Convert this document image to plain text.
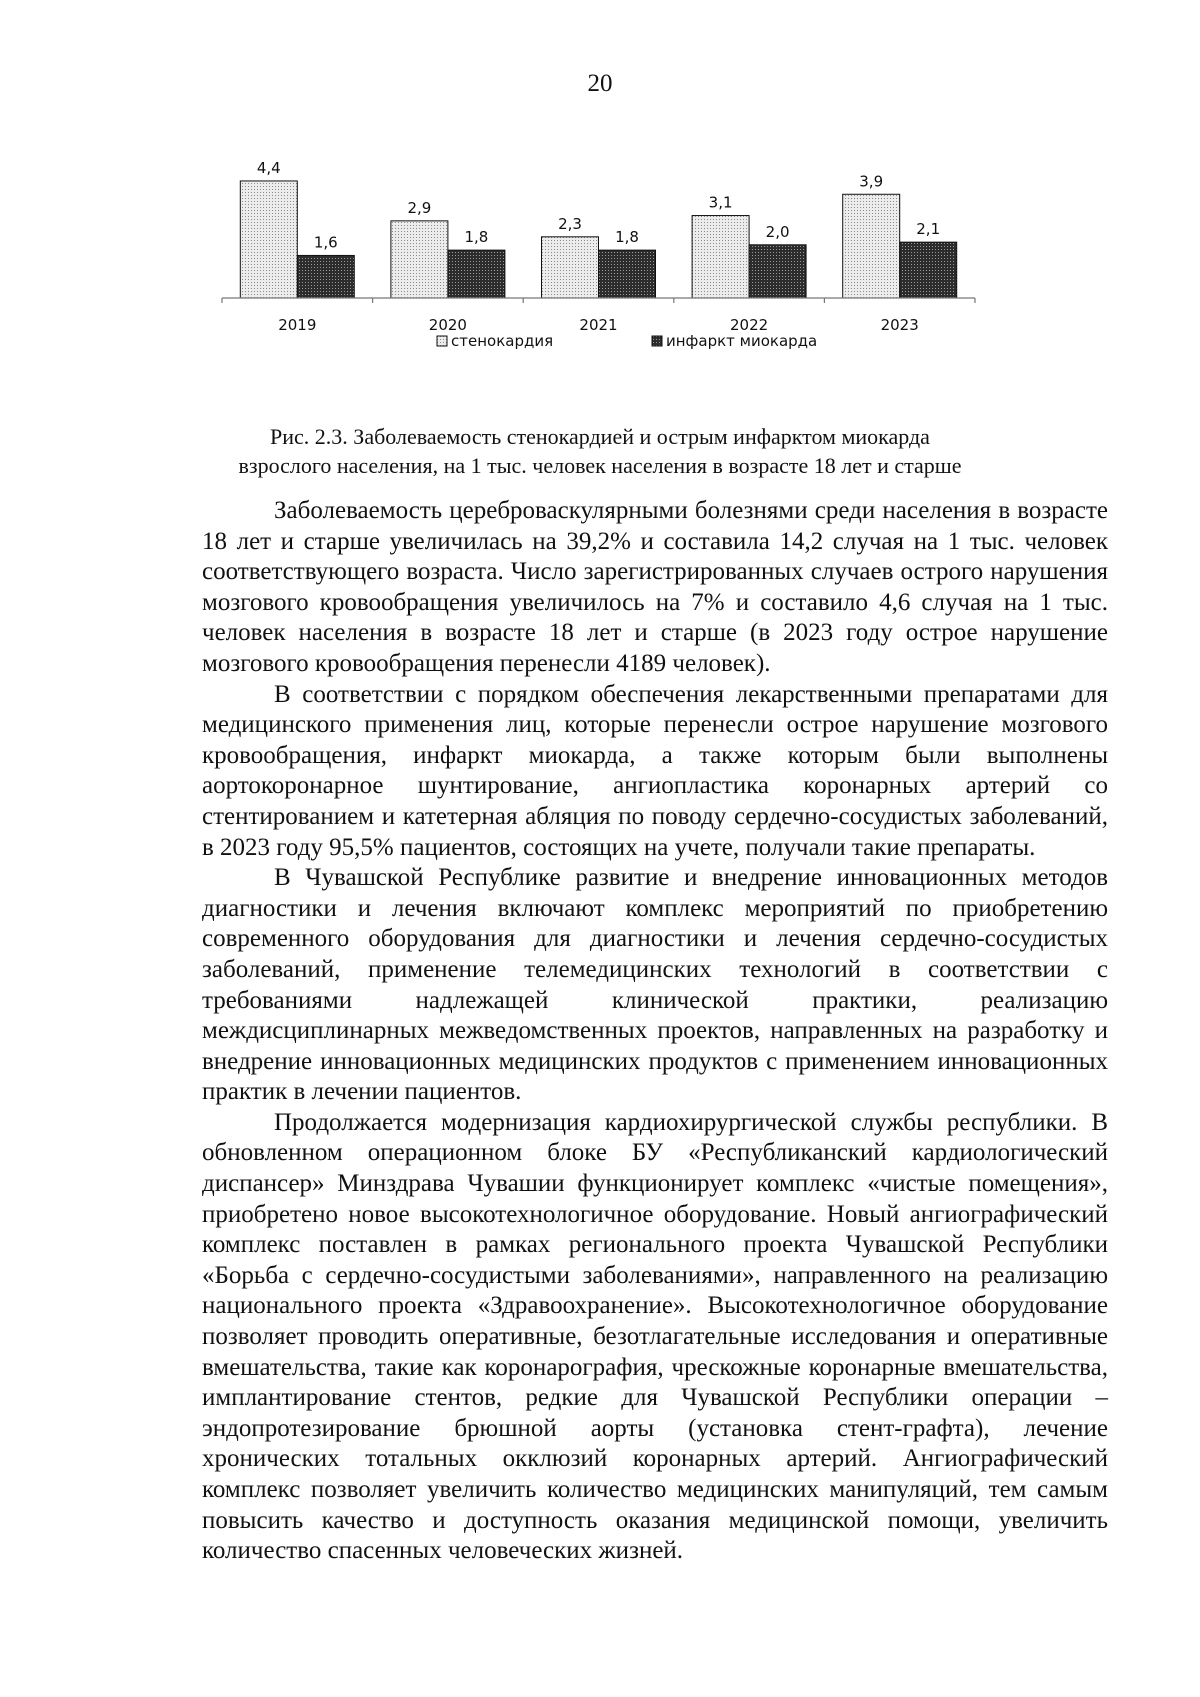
20
4,4
1,6
2019
2,9
1,8
2020
2,3
1,8
2021
3,1
2,0
2022
3,9
2,1
2023
стенокардия	инфаркт миокарда
Рис. 2.3. Заболеваемость стенокардией и острым инфарктом миокарда
взрослого населения, на 1 тыс. человек населения в возрасте 18 лет и старше

Заболеваемость цереброваскулярными болезнями среди населения в возрасте 18 лет и старше увеличилась на 39,2% и составила 14,2 случая на 1 тыс. человек соответствующего возраста. Число зарегистрированных случаев острого нарушения мозгового кровообращения увеличилось на 7% и составило 4,6 случая на 1 тыс. человек населения в возрасте 18 лет и старше (в 2023 году острое нарушение мозгового кровообращения перенесли 4189 человек).

В соответствии с порядком обеспечения лекарственными препаратами для медицинского применения лиц, которые перенесли острое нарушение мозгового кровообращения, инфаркт миокарда, а также которым были выполнены аортокоронарное шунтирование, ангиопластика коронарных артерий со стентированием и катетерная абляция по поводу сердечно-сосудистых заболеваний, в 2023 году 95,5% пациентов, состоящих на учете, получали такие препараты.

В Чувашской Республике развитие и внедрение инновационных методов диагностики и лечения включают комплекс мероприятий по приобретению современного оборудования для диагностики и лечения сердечно-сосудистых заболеваний, применение телемедицинских технологий в соответствии с требованиями надлежащей клинической практики, реализацию междисциплинарных межведомственных проектов, направленных на разработку и внедрение инновационных медицинских продуктов с применением инновационных практик в лечении пациентов.

Продолжается модернизация кардиохирургической службы республики. В обновленном операционном блоке БУ «Республиканский кардиологический диспансер» Минздрава Чувашии функционирует комплекс «чистые помещения», приобретено новое высокотехнологичное оборудование. Новый ангиографический комплекс поставлен в рамках регионального проекта Чувашской Республики «Борьба с сердечно-сосудистыми заболеваниями», направленного на реализацию национального проекта «Здравоохранение». Высокотехнологичное оборудование позволяет проводить оперативные, безотлагательные исследования и оперативные вмешательства, такие как коронарография, чрескожные коронарные вмешательства, имплантирование стентов, редкие для Чувашской Республики операции – эндопротезирование брюшной аорты (установка стент-графта), лечение хронических тотальных окклюзий коронарных артерий. Ангиографический комплекс позволяет увеличить количество медицинских манипуляций, тем самым повысить качество и доступность оказания медицинской помощи, увеличить количество спасенных человеческих жизней.
